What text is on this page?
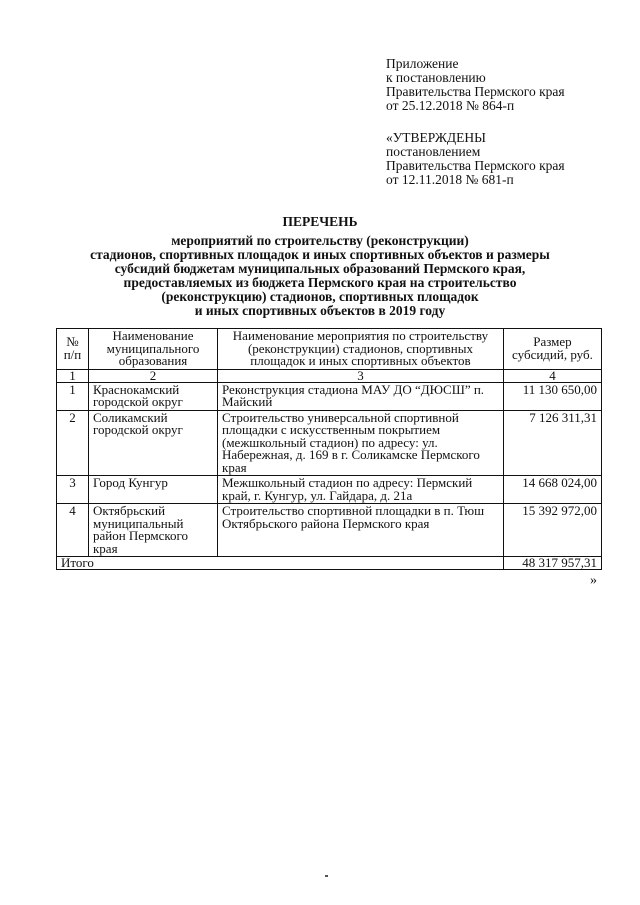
Приложение
к постановлению
Правительства Пермского края
от 25.12.2018 № 864-п
«УТВЕРЖДЕНЫ
постановлением
Правительства Пермского края
от 12.11.2018 № 681-п
ПЕРЕЧЕНЬ
мероприятий по строительству (реконструкции)
стадионов, спортивных площадок и иных спортивных объектов и размеры
субсидий бюджетам муниципальных образований Пермского края,
предоставляемых из бюджета Пермского края на строительство
(реконструкцию) стадионов, спортивных площадок
и иных спортивных объектов в 2019 году
№ п/п	Наименование муниципального образования	Наименование мероприятия по строительству (реконструкции) стадионов, спортивных площадок и иных спортивных объектов	Размер субсидий, руб.
1	2	3	4
1	Краснокамский городской округ	Реконструкция стадиона МАУ ДО “ДЮСШ” п. Майский	11 130 650,00
2	Соликамский городской округ	Строительство универсальной спортивной площадки с искусственным покрытием (межшкольный стадион) по адресу: ул. Набережная, д. 169 в г. Соликамске Пермского края	7 126 311,31
3	Город Кунгур	Межшкольный стадион по адресу: Пермский край, г. Кунгур, ул. Гайдара, д. 21а	14 668 024,00
4	Октябрьский муниципальный район Пермского края	Строительство спортивной площадки в п. Тюш Октябрьского района Пермского края	15 392 972,00
Итого			48 317 957,31
»
